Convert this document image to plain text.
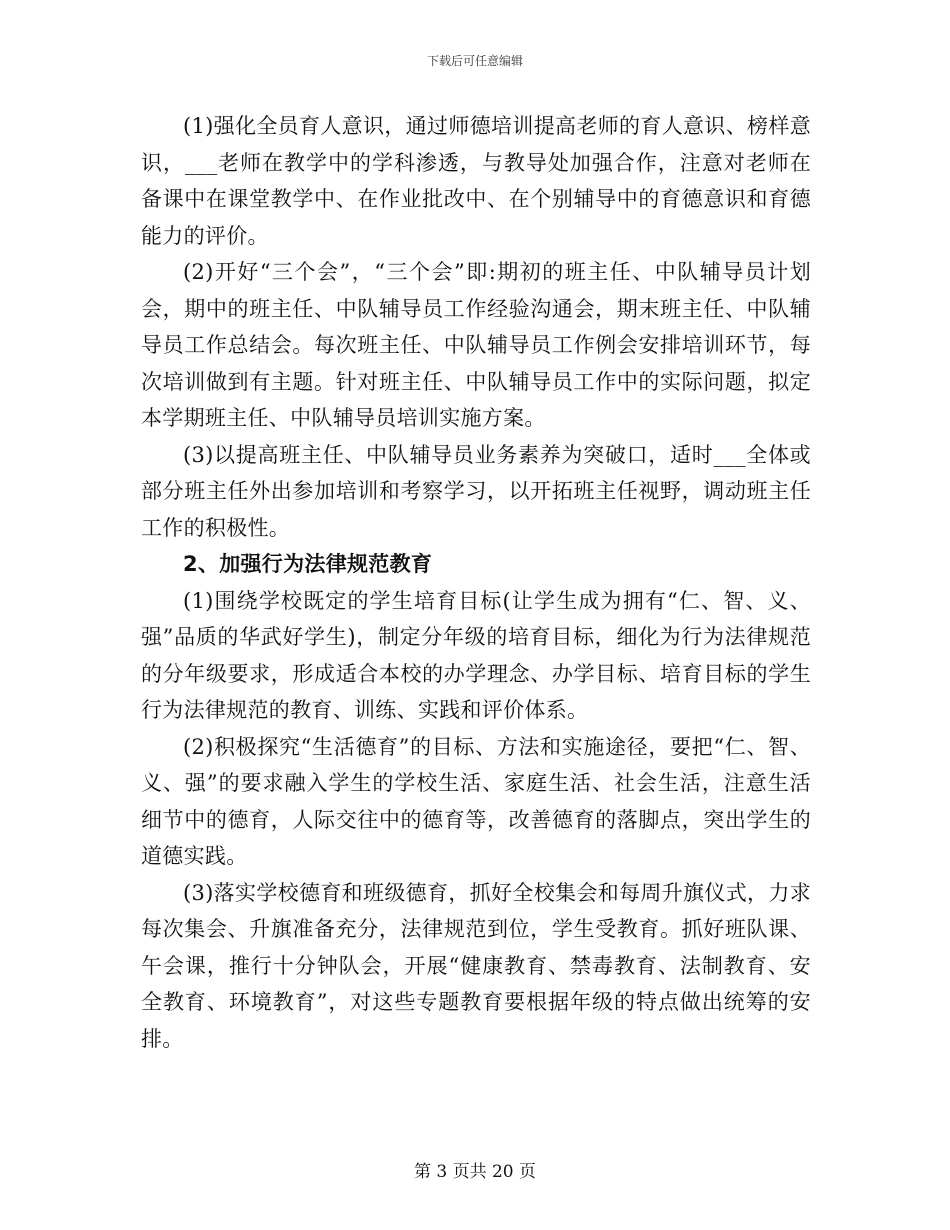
下载后可任意编辑

(1)强化全员育人意识，通过师德培训提高老师的育人意识、榜样意识，___老师在教学中的学科渗透，与教导处加强合作，注意对老师在备课中在课堂教学中、在作业批改中、在个别辅导中的育德意识和育德能力的评价。

(2)开好“三个会”，“三个会”即:期初的班主任、中队辅导员计划会，期中的班主任、中队辅导员工作经验沟通会，期末班主任、中队辅导员工作总结会。每次班主任、中队辅导员工作例会安排培训环节，每次培训做到有主题。针对班主任、中队辅导员工作中的实际问题，拟定本学期班主任、中队辅导员培训实施方案。

(3)以提高班主任、中队辅导员业务素养为突破口，适时___全体或部分班主任外出参加培训和考察学习，以开拓班主任视野，调动班主任工作的积极性。

2、加强行为法律规范教育

(1)围绕学校既定的学生培育目标(让学生成为拥有“仁、智、义、强”品质的华武好学生)，制定分年级的培育目标，细化为行为法律规范的分年级要求，形成适合本校的办学理念、办学目标、培育目标的学生行为法律规范的教育、训练、实践和评价体系。

(2)积极探究“生活德育”的目标、方法和实施途径，要把“仁、智、义、强”的要求融入学生的学校生活、家庭生活、社会生活，注意生活细节中的德育，人际交往中的德育等，改善德育的落脚点，突出学生的道德实践。

(3)落实学校德育和班级德育，抓好全校集会和每周升旗仪式，力求每次集会、升旗准备充分，法律规范到位，学生受教育。抓好班队课、午会课，推行十分钟队会，开展“健康教育、禁毒教育、法制教育、安全教育、环境教育”，对这些专题教育要根据年级的特点做出统筹的安排。

第 3 页共 20 页
